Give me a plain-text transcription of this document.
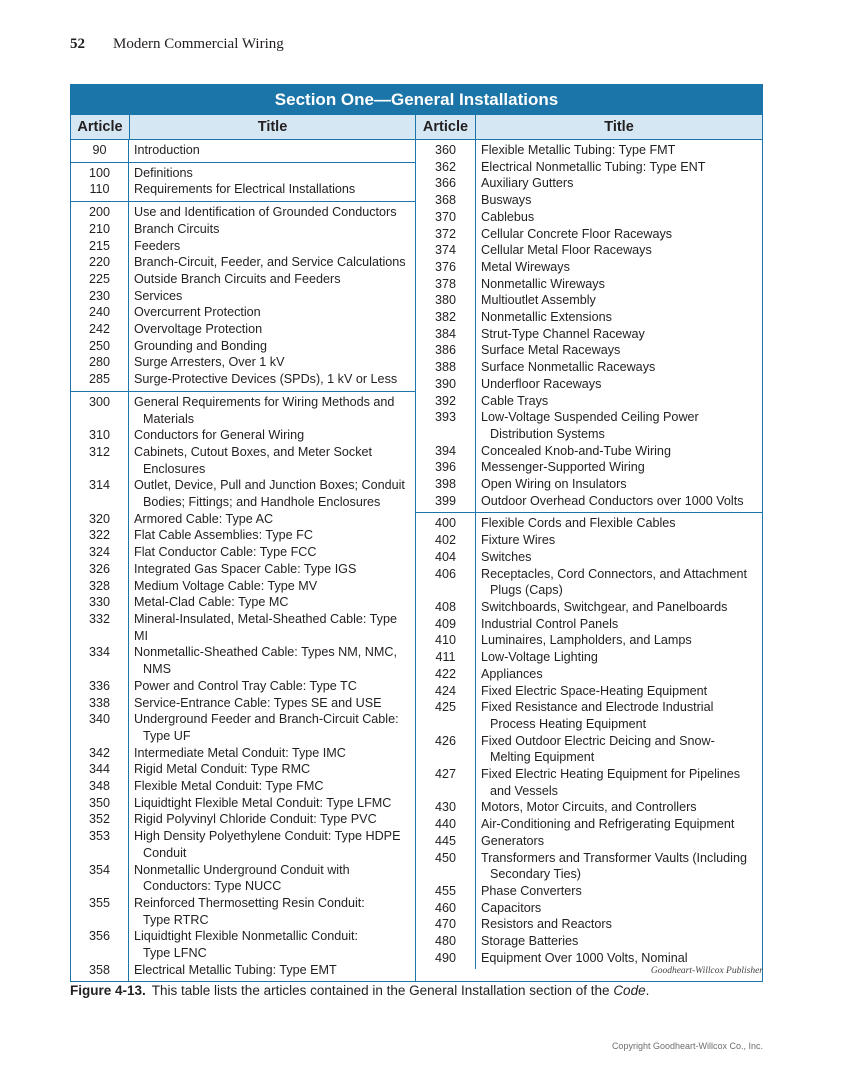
52 Modern Commercial Wiring
Section One—General Installations
Article	Title	Article	Title
90	Introduction
100	Definitions
110	Requirements for Electrical Installations
200	Use and Identification of Grounded Conductors
210	Branch Circuits
215	Feeders
220	Branch-Circuit, Feeder, and Service Calculations
225	Outside Branch Circuits and Feeders
230	Services
240	Overcurrent Protection
242	Overvoltage Protection
250	Grounding and Bonding
280	Surge Arresters, Over 1 kV
285	Surge-Protective Devices (SPDs), 1 kV or Less
300	General Requirements for Wiring Methods and
Materials
310	Conductors for General Wiring
312	Cabinets, Cutout Boxes, and Meter Socket
Enclosures
314	Outlet, Device, Pull and Junction Boxes; Conduit
Bodies; Fittings; and Handhole Enclosures
320	Armored Cable: Type AC
322	Flat Cable Assemblies: Type FC
324	Flat Conductor Cable: Type FCC
326	Integrated Gas Spacer Cable: Type IGS
328	Medium Voltage Cable: Type MV
330	Metal-Clad Cable: Type MC
332	Mineral-Insulated, Metal-Sheathed Cable: Type MI
334	Nonmetallic-Sheathed Cable: Types NM, NMC,
NMS
336	Power and Control Tray Cable: Type TC
338	Service-Entrance Cable: Types SE and USE
340	Underground Feeder and Branch-Circuit Cable:
Type UF
342	Intermediate Metal Conduit: Type IMC
344	Rigid Metal Conduit: Type RMC
348	Flexible Metal Conduit: Type FMC
350	Liquidtight Flexible Metal Conduit: Type LFMC
352	Rigid Polyvinyl Chloride Conduit: Type PVC
353	High Density Polyethylene Conduit: Type HDPE
Conduit
354	Nonmetallic Underground Conduit with
Conductors: Type NUCC
355	Reinforced Thermosetting Resin Conduit:
Type RTRC
356	Liquidtight Flexible Nonmetallic Conduit:
Type LFNC
358	Electrical Metallic Tubing: Type EMT
360	Flexible Metallic Tubing: Type FMT
362	Electrical Nonmetallic Tubing: Type ENT
366	Auxiliary Gutters
368	Busways
370	Cablebus
372	Cellular Concrete Floor Raceways
374	Cellular Metal Floor Raceways
376	Metal Wireways
378	Nonmetallic Wireways
380	Multioutlet Assembly
382	Nonmetallic Extensions
384	Strut-Type Channel Raceway
386	Surface Metal Raceways
388	Surface Nonmetallic Raceways
390	Underfloor Raceways
392	Cable Trays
393	Low-Voltage Suspended Ceiling Power
Distribution Systems
394	Concealed Knob-and-Tube Wiring
396	Messenger-Supported Wiring
398	Open Wiring on Insulators
399	Outdoor Overhead Conductors over 1000 Volts
400	Flexible Cords and Flexible Cables
402	Fixture Wires
404	Switches
406	Receptacles, Cord Connectors, and Attachment
Plugs (Caps)
408	Switchboards, Switchgear, and Panelboards
409	Industrial Control Panels
410	Luminaires, Lampholders, and Lamps
411	Low-Voltage Lighting
422	Appliances
424	Fixed Electric Space-Heating Equipment
425	Fixed Resistance and Electrode Industrial
Process Heating Equipment
426	Fixed Outdoor Electric Deicing and Snow-
Melting Equipment
427	Fixed Electric Heating Equipment for Pipelines
and Vessels
430	Motors, Motor Circuits, and Controllers
440	Air-Conditioning and Refrigerating Equipment
445	Generators
450	Transformers and Transformer Vaults (Including
Secondary Ties)
455	Phase Converters
460	Capacitors
470	Resistors and Reactors
480	Storage Batteries
490	Equipment Over 1000 Volts, Nominal
Goodheart-Willcox Publisher
Figure 4-13. This table lists the articles contained in the General Installation section of the Code.
Copyright Goodheart-Willcox Co., Inc.
